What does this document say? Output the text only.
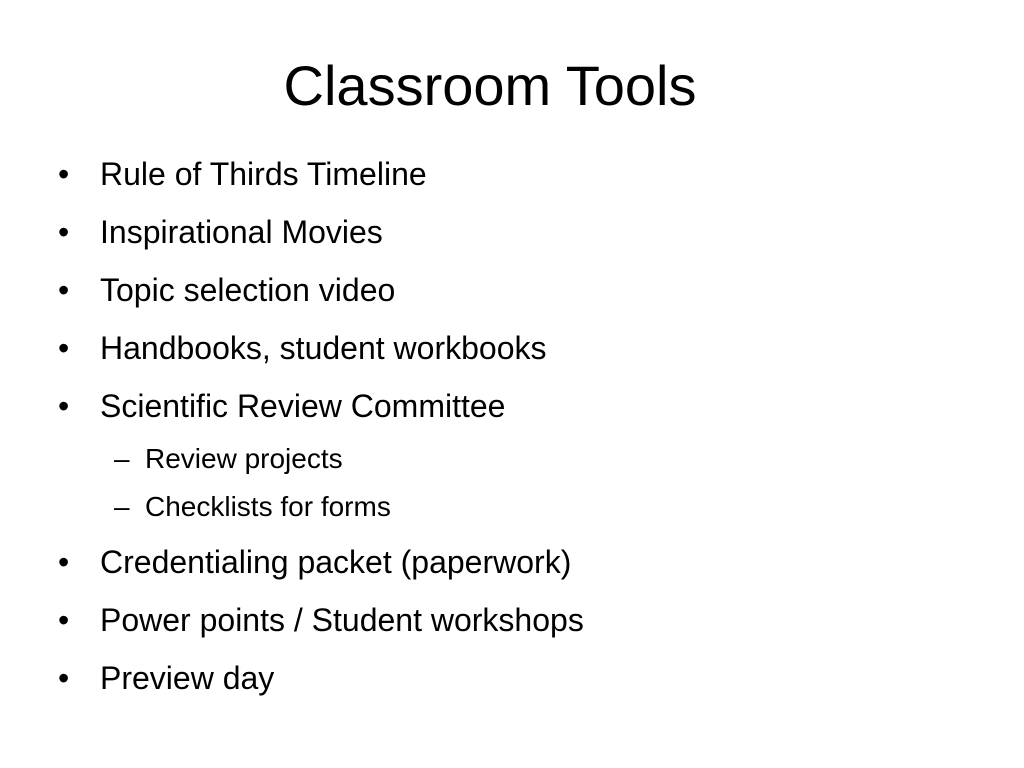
Classroom Tools
• Rule of Thirds Timeline
• Inspirational Movies
• Topic selection video
• Handbooks, student workbooks
• Scientific Review Committee
– Review projects
– Checklists for forms
• Credentialing packet (paperwork)
• Power points / Student workshops
• Preview day
